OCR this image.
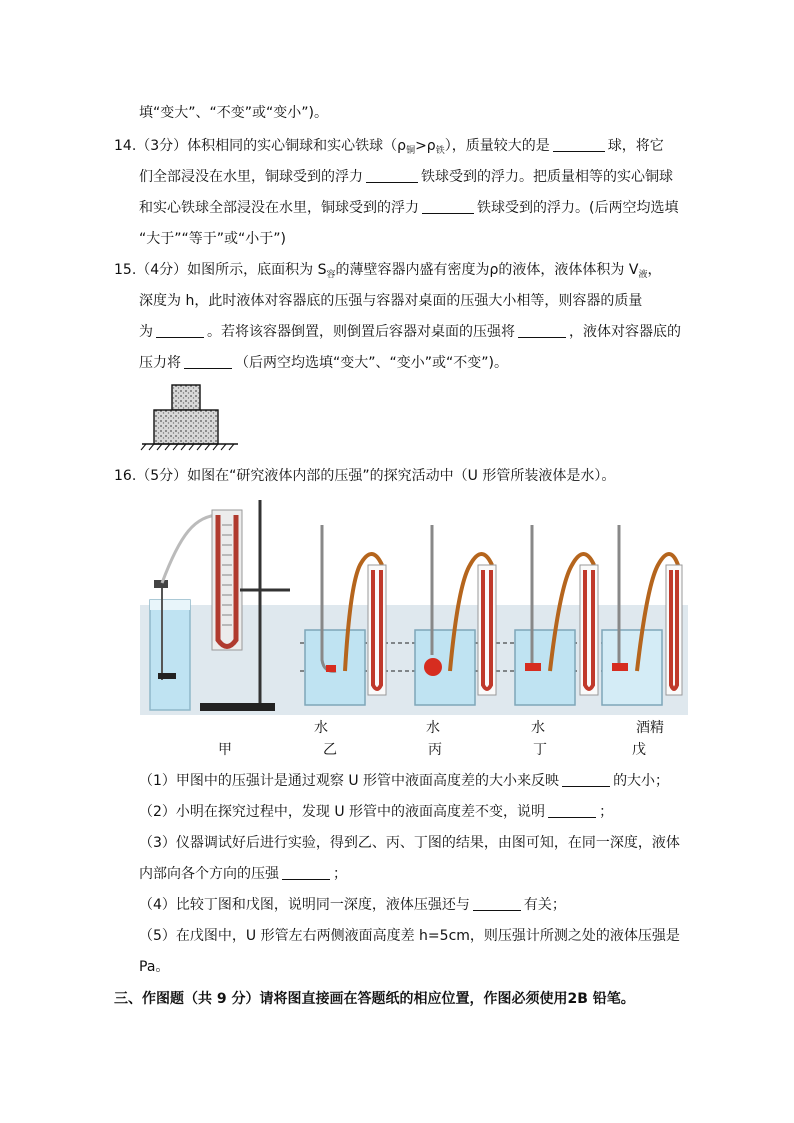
填“变大”、“不变”或“变小”)。
14.（3分）体积相同的实心铜球和实心铁球$(\rho_铜>\rho_铁)$，质量较大的是	球，将它
们全部浸没在水里，铜球受到的浮力	铁球受到的浮力。把质量相等的实心铜球
和实心铁球全部浸没在水里，铜球受到的浮力	铁球受到的浮力。(后两空均选填
“大于”“等于”或“小于”)
15.（4分）如图所示，底面积为 $S_容$的薄壁容器内盛有密度为ρ的液体，液体体积为 $V_液$，
深度为 h，此时液体对容器底的压强与容器对桌面的压强大小相等，则容器的质量
为	。若将该容器倒置，则倒置后容器对桌面的压强将	，液体对容器底的
压力将	（后两空均选填“变大”、“变小”或“不变”)。
16.（5分）如图在“研究液体内部的压强”的探究活动中（U 形管所装液体是水）。
水	水	水	酒精
甲	乙	丙	丁	戊
（1）甲图中的压强计是通过观察 U 形管中液面高度差的大小来反映	的大小；
（2）小明在探究过程中，发现 U 形管中的液面高度差不变，说明	；
（3）仪器调试好后进行实验，得到乙、丙、丁图的结果，由图可知，在同一深度，液体
内部向各个方向的压强	；
（4）比较丁图和戊图，说明同一深度，液体压强还与	有关；
（5）在戊图中，U 形管左右两侧液面高度差 h=5cm，则压强计所测之处的液体压强是
Pa。
三、作图题（共 9 分）请将图直接画在答题纸的相应位置，作图必须使用2B 铅笔。
